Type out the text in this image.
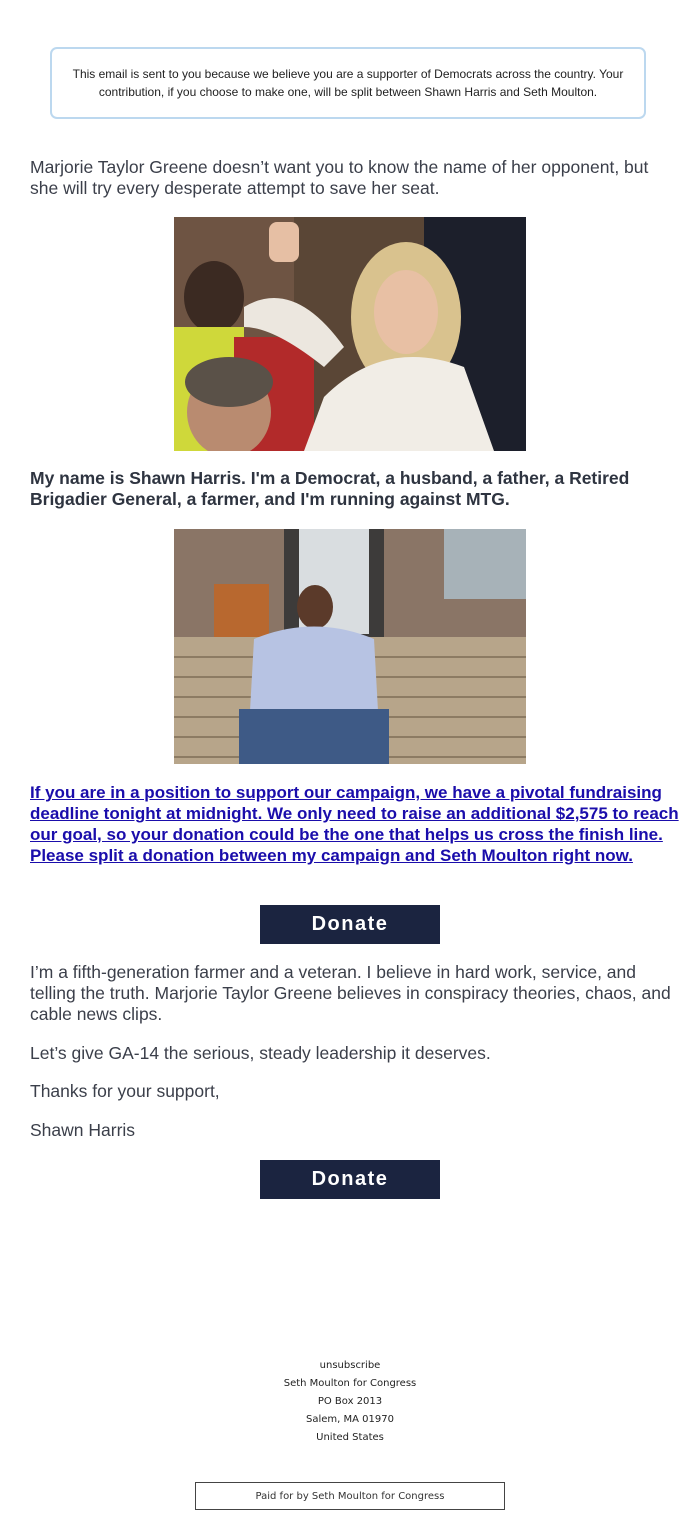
This email is sent to you because we believe you are a supporter of Democrats across the country. Your contribution, if you choose to make one, will be split between Shawn Harris and Seth Moulton.

Marjorie Taylor Greene doesn’t want you to know the name of her opponent, but she will try every desperate attempt to save her seat.

My name is Shawn Harris. I'm a Democrat, a husband, a father, a Retired Brigadier General, a farmer, and I'm running against MTG.

If you are in a position to support our campaign, we have a pivotal fundraising deadline tonight at midnight. We only need to raise an additional $2,575 to reach our goal, so your donation could be the one that helps us cross the finish line. Please split a donation between my campaign and Seth Moulton right now.

Donate

I’m a fifth-generation farmer and a veteran. I believe in hard work, service, and telling the truth. Marjorie Taylor Greene believes in conspiracy theories, chaos, and cable news clips.

Let’s give GA-14 the serious, steady leadership it deserves.

Thanks for your support,

Shawn Harris

Donate
unsubscribe
Seth Moulton for Congress
PO Box 2013
Salem, MA 01970
United States
Paid for by Seth Moulton for Congress
